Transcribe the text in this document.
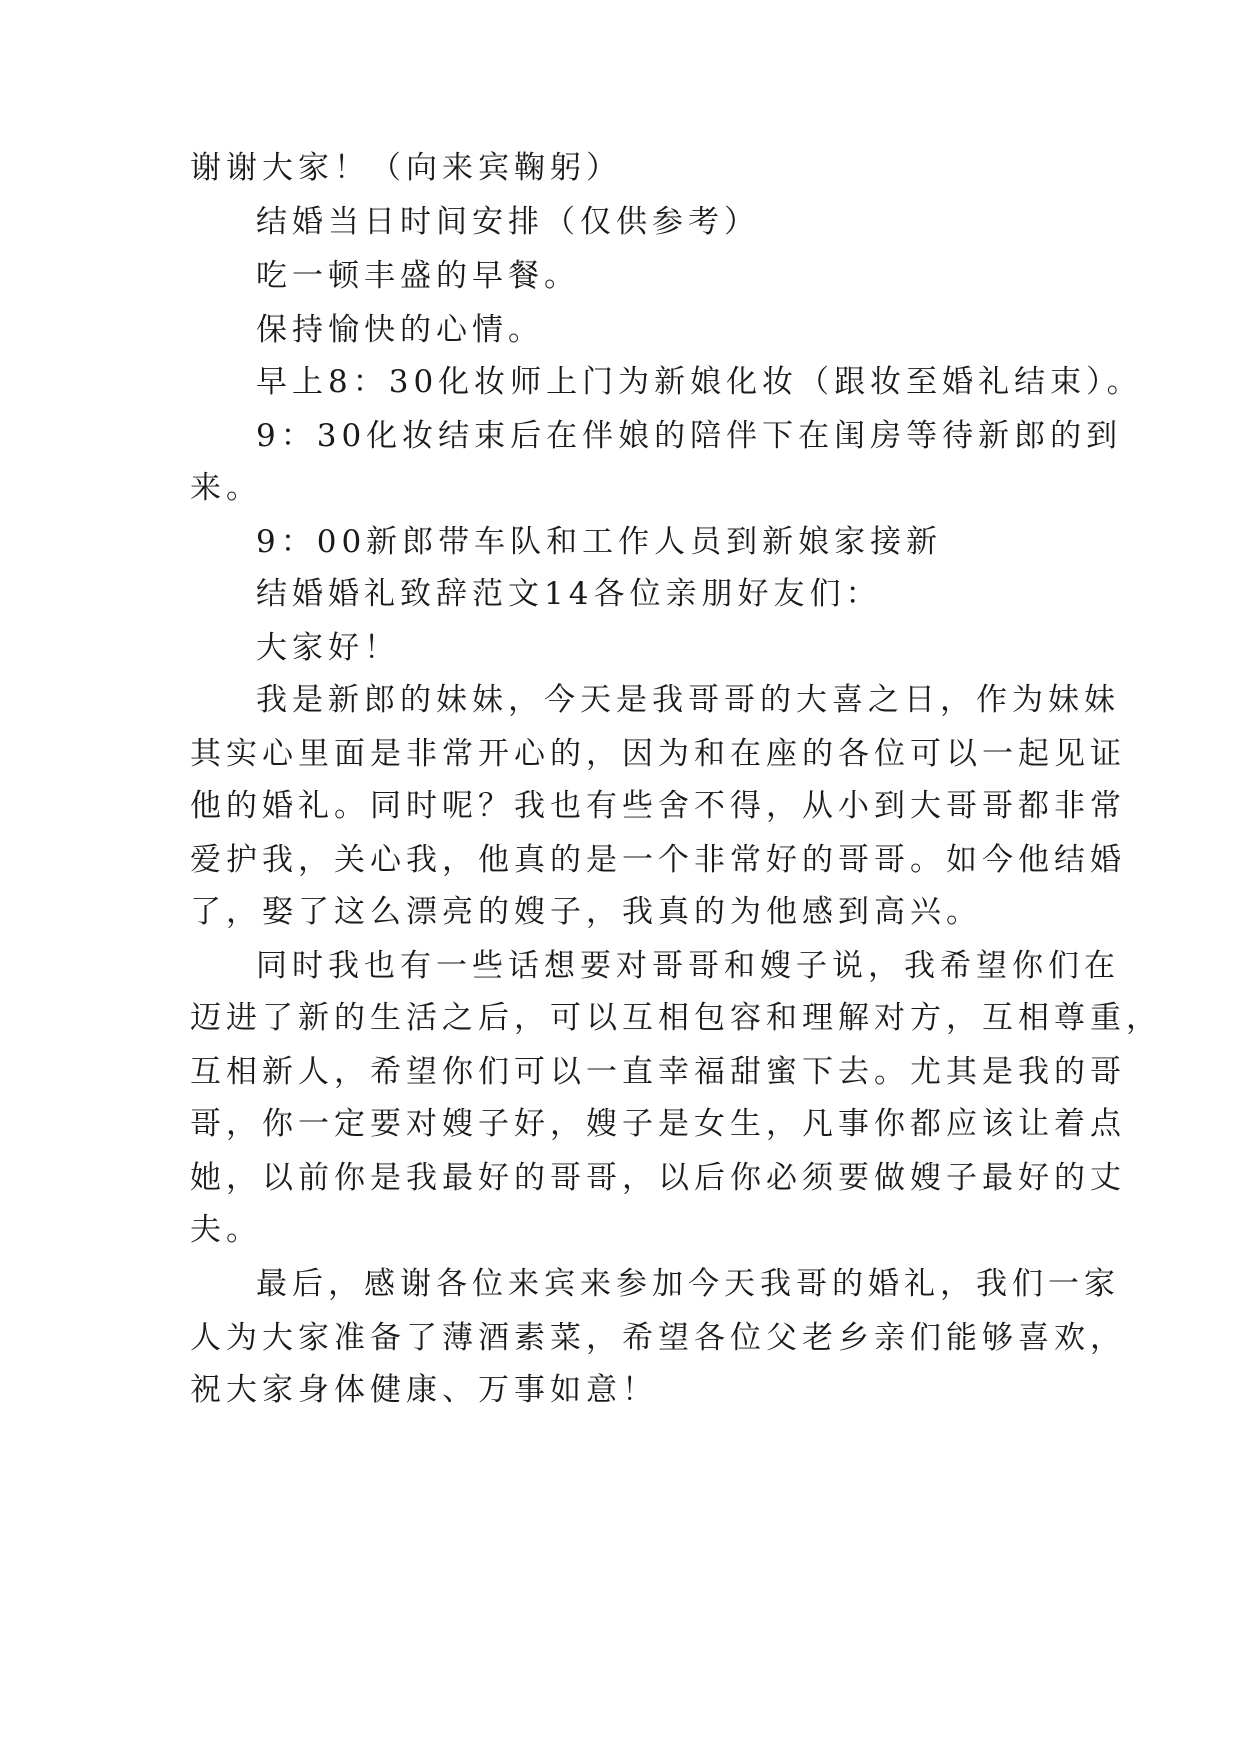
谢谢大家！（向来宾鞠躬）
结婚当日时间安排（仅供参考）
吃一顿丰盛的早餐。
保持愉快的心情。
早上8：30化妆师上门为新娘化妆（跟妆至婚礼结束）。
9：30化妆结束后在伴娘的陪伴下在闺房等待新郎的到
来。
9：00新郎带车队和工作人员到新娘家接新
结婚婚礼致辞范文14各位亲朋好友们：
大家好！
我是新郎的妹妹，今天是我哥哥的大喜之日，作为妹妹
其实心里面是非常开心的，因为和在座的各位可以一起见证
他的婚礼。同时呢？我也有些舍不得，从小到大哥哥都非常
爱护我，关心我，他真的是一个非常好的哥哥。如今他结婚
了，娶了这么漂亮的嫂子，我真的为他感到高兴。
同时我也有一些话想要对哥哥和嫂子说，我希望你们在
迈进了新的生活之后，可以互相包容和理解对方，互相尊重，
互相新人，希望你们可以一直幸福甜蜜下去。尤其是我的哥
哥，你一定要对嫂子好，嫂子是女生，凡事你都应该让着点
她，以前你是我最好的哥哥，以后你必须要做嫂子最好的丈
夫。
最后，感谢各位来宾来参加今天我哥的婚礼，我们一家
人为大家准备了薄酒素菜，希望各位父老乡亲们能够喜欢，
祝大家身体健康、万事如意！
